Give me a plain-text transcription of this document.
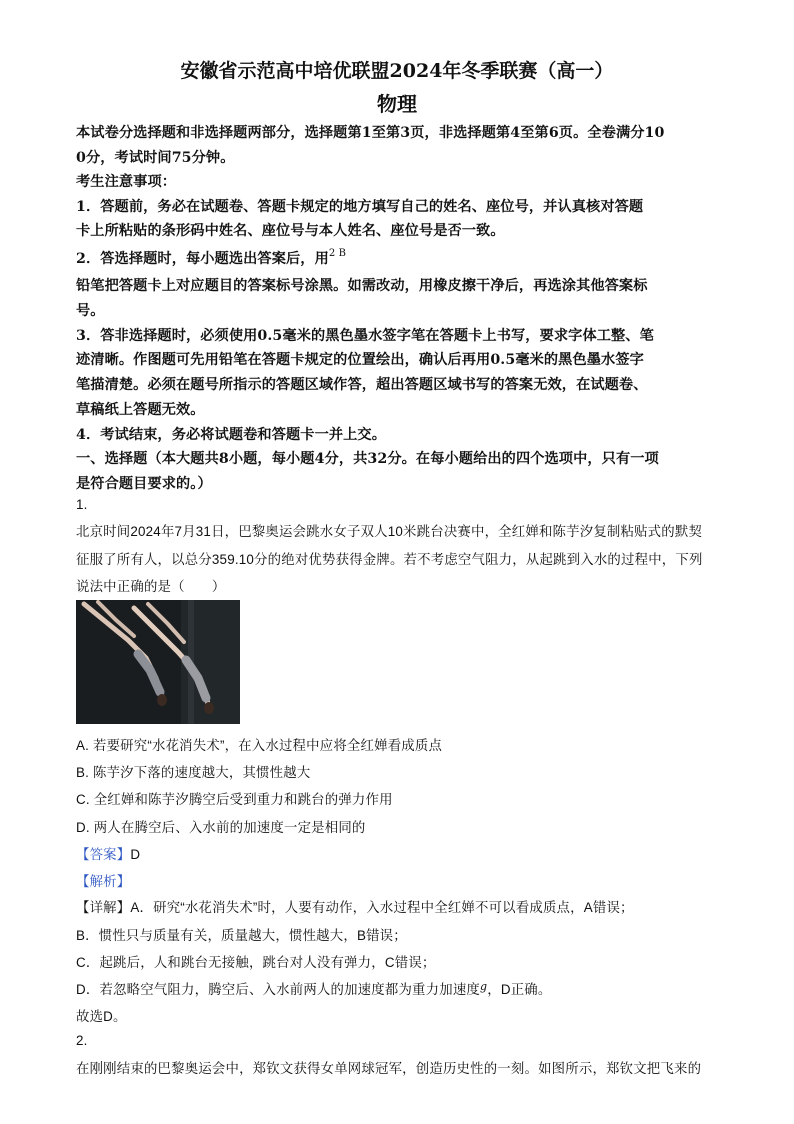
安徽省示范高中培优联盟2024年冬季联赛（高一）
物理
本试卷分选择题和非选择题两部分，选择题第1至第3页，非选择题第4至第6页。全卷满分10
0分，考试时间75分钟。
考生注意事项：
1．答题前，务必在试题卷、答题卡规定的地方填写自己的姓名、座位号，并认真核对答题
卡上所粘贴的条形码中姓名、座位号与本人姓名、座位号是否一致。
2．答选择题时，每小题选出答案后，用$^{2 B}$
铅笔把答题卡上对应题目的答案标号涂黑。如需改动，用橡皮擦干净后，再选涂其他答案标
号。
3．答非选择题时，必须使用0.5毫米的黑色墨水签字笔在答题卡上书写，要求字体工整、笔
迹清晰。作图题可先用铅笔在答题卡规定的位置绘出，确认后再用0.5毫米的黑色墨水签字
笔描清楚。必须在题号所指示的答题区域作答，超出答题区域书写的答案无效，在试题卷、
草稿纸上答题无效。
4．考试结束，务必将试题卷和答题卡一并上交。
一、选择题（本大题共8小题，每小题4分，共32分。在每小题给出的四个选项中，只有一项
是符合题目要求的。）
1.
北京时间2024年7月31日，巴黎奥运会跳水女子双人10米跳台决赛中，全红婵和陈芋汐复制粘贴式的默契
征服了所有人，以总分359.10分的绝对优势获得金牌。若不考虑空气阻力，从起跳到入水的过程中，下列
说法中正确的是（　　）
A. 若要研究“水花消失术”，在入水过程中应将全红婵看成质点
B. 陈芋汐下落的速度越大，其惯性越大
C. 全红婵和陈芋汐腾空后受到重力和跳台的弹力作用
D. 两人在腾空后、入水前的加速度一定是相同的
【答案】D
【解析】
【详解】A．研究“水花消失术”时，人要有动作，入水过程中全红婵不可以看成质点，A错误；
B．惯性只与质量有关，质量越大，惯性越大，B错误；
C．起跳后，人和跳台无接触，跳台对人没有弹力，C错误；
D．若忽略空气阻力，腾空后、入水前两人的加速度都为重力加速度$^g$，D正确。
故选D。
2.
在刚刚结束的巴黎奥运会中，郑钦文获得女单网球冠军，创造历史性的一刻。如图所示，郑钦文把飞来的
